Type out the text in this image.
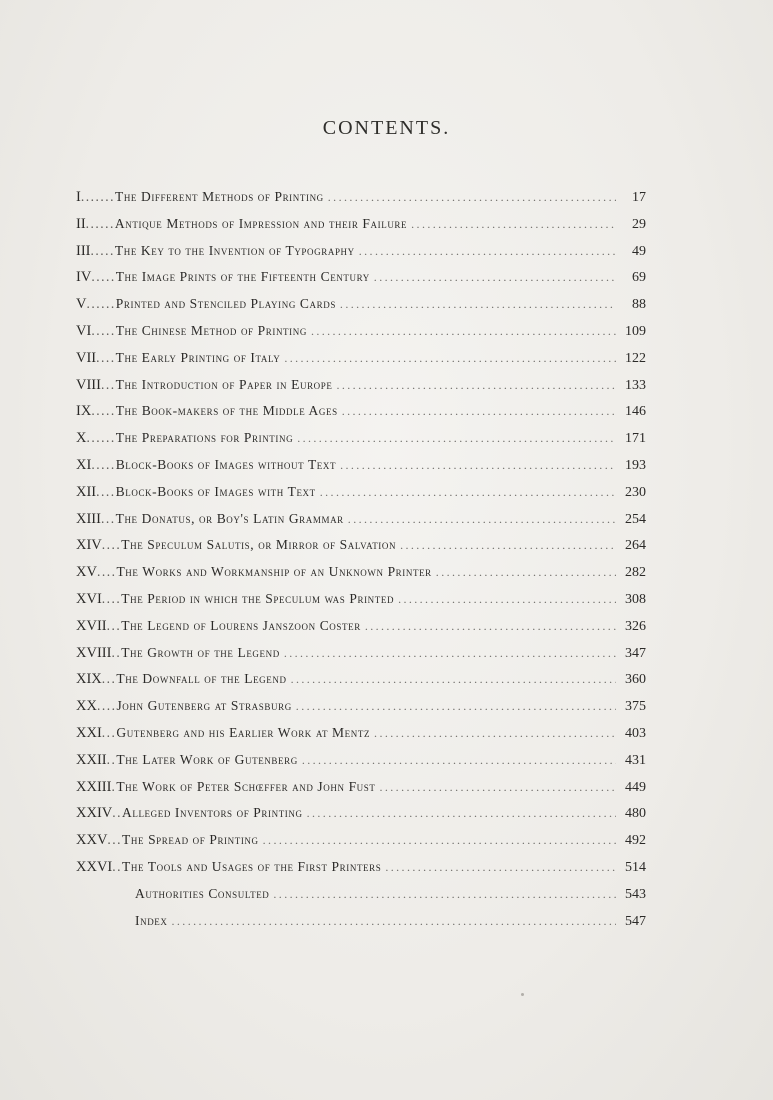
CONTENTS.
I ....... The Different Methods of Printing .....	17
II ...... Antique Methods of Impression and their Failure .....	29
III ..... The Key to the Invention of Typography .....	49
IV ..... The Image Prints of the Fifteenth Century .....	69
V ...... Printed and Stenciled Playing Cards .....	88
VI ..... The Chinese Method of Printing .....	109
VII .... The Early Printing of Italy .....	122
VIII ... The Introduction of Paper in Europe .....	133
IX ..... The Book-makers of the Middle Ages .....	146
X ...... The Preparations for Printing .....	171
XI ..... Block-Books of Images without Text .....	193
XII .... Block-Books of Images with Text .....	230
XIII ... The Donatus, or Boy's Latin Grammar .....	254
XIV .... The Speculum Salutis, or Mirror of Salvation .....	264
XV .... The Works and Workmanship of an Unknown Printer .....	282
XVI .... The Period in which the Speculum was Printed .....	308
XVII ... The Legend of Lourens Janszoon Coster .....	326
XVIII .. The Growth of the Legend .....	347
XIX ... The Downfall of the Legend .....	360
XX .... John Gutenberg at Strasburg .....	375
XXI ... Gutenberg and his Earlier Work at Mentz .....	403
XXII .. The Later Work of Gutenberg .....	431
XXIII . The Work of Peter Schœffer and John Fust .....	449
XXIV .. Alleged Inventors of Printing .....	480
XXV ... The Spread of Printing .....	492
XXVI .. The Tools and Usages of the First Printers .....	514
Authorities Consulted .....	543
Index .....	547
